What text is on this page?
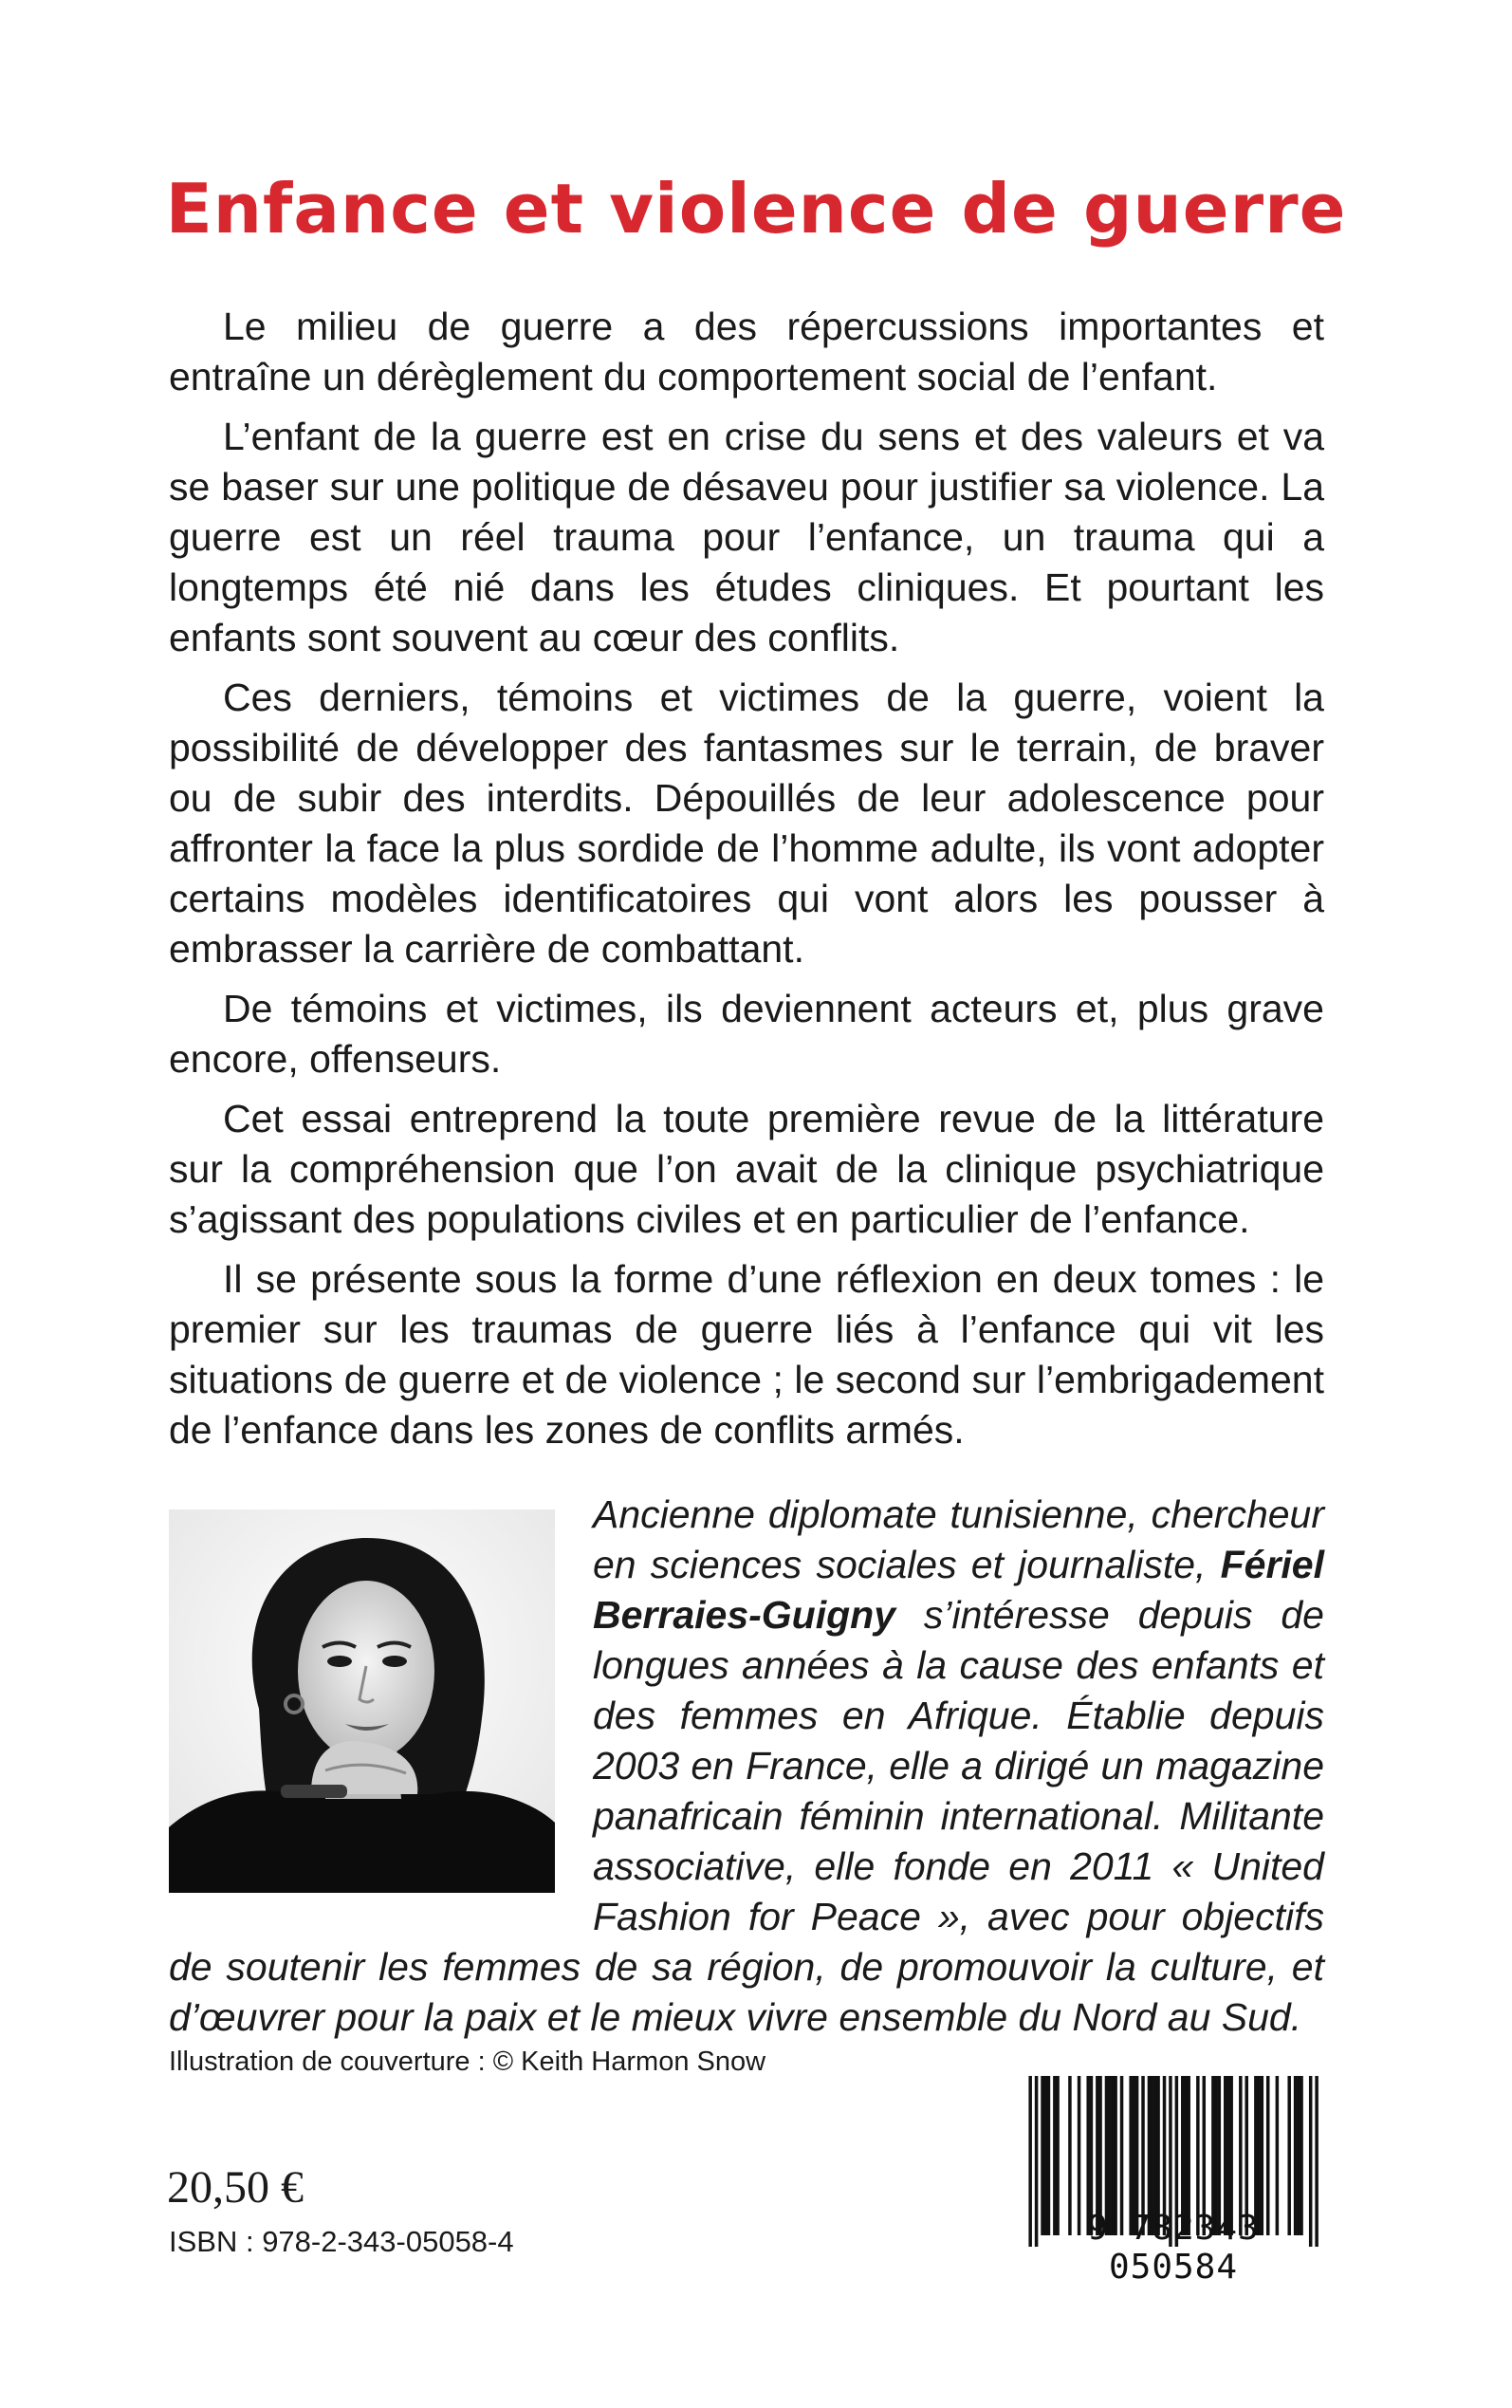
Enfance et violence de guerre

Le milieu de guerre a des répercussions importantes et entraîne un dérèglement du comportement social de l’enfant.

L’enfant de la guerre est en crise du sens et des valeurs et va se baser sur une politique de désaveu pour justifier sa violence. La guerre est un réel trauma pour l’enfance, un trauma qui a longtemps été nié dans les études cliniques. Et pourtant les enfants sont souvent au cœur des conflits.

Ces derniers, témoins et victimes de la guerre, voient la possibilité de développer des fantasmes sur le terrain, de braver ou de subir des interdits. Dépouillés de leur adolescence pour affronter la face la plus sordide de l’homme adulte, ils vont adopter certains modèles identificatoires qui vont alors les pousser à embrasser la carrière de combattant.

De témoins et victimes, ils deviennent acteurs et, plus grave encore, offenseurs.

Cet essai entreprend la toute première revue de la littérature sur la compréhension que l’on avait de la clinique psychiatrique s’agissant des populations civiles et en particulier de l’enfance.

Il se présente sous la forme d’une réflexion en deux tomes : le premier sur les traumas de guerre liés à l’enfance qui vit les situations de guerre et de violence ; le second sur l’embrigadement de l’enfance dans les zones de conflits armés.

Ancienne diplomate tunisienne, chercheur en sciences sociales et journaliste, Fériel Berraies-Guigny s’intéresse depuis de longues années à la cause des enfants et des femmes en Afrique. Établie depuis 2003 en France, elle a dirigé un magazine panafricain féminin international. Militante associative, elle fonde en 2011 « United Fashion for Peace », avec pour objectifs de soutenir les femmes de sa région, de promouvoir la culture, et d’œuvrer pour la paix et le mieux vivre ensemble du Nord au Sud.

Illustration de couverture : © Keith Harmon Snow
20,50 €
ISBN : 978-2-343-05058-4	9 782343 050584
